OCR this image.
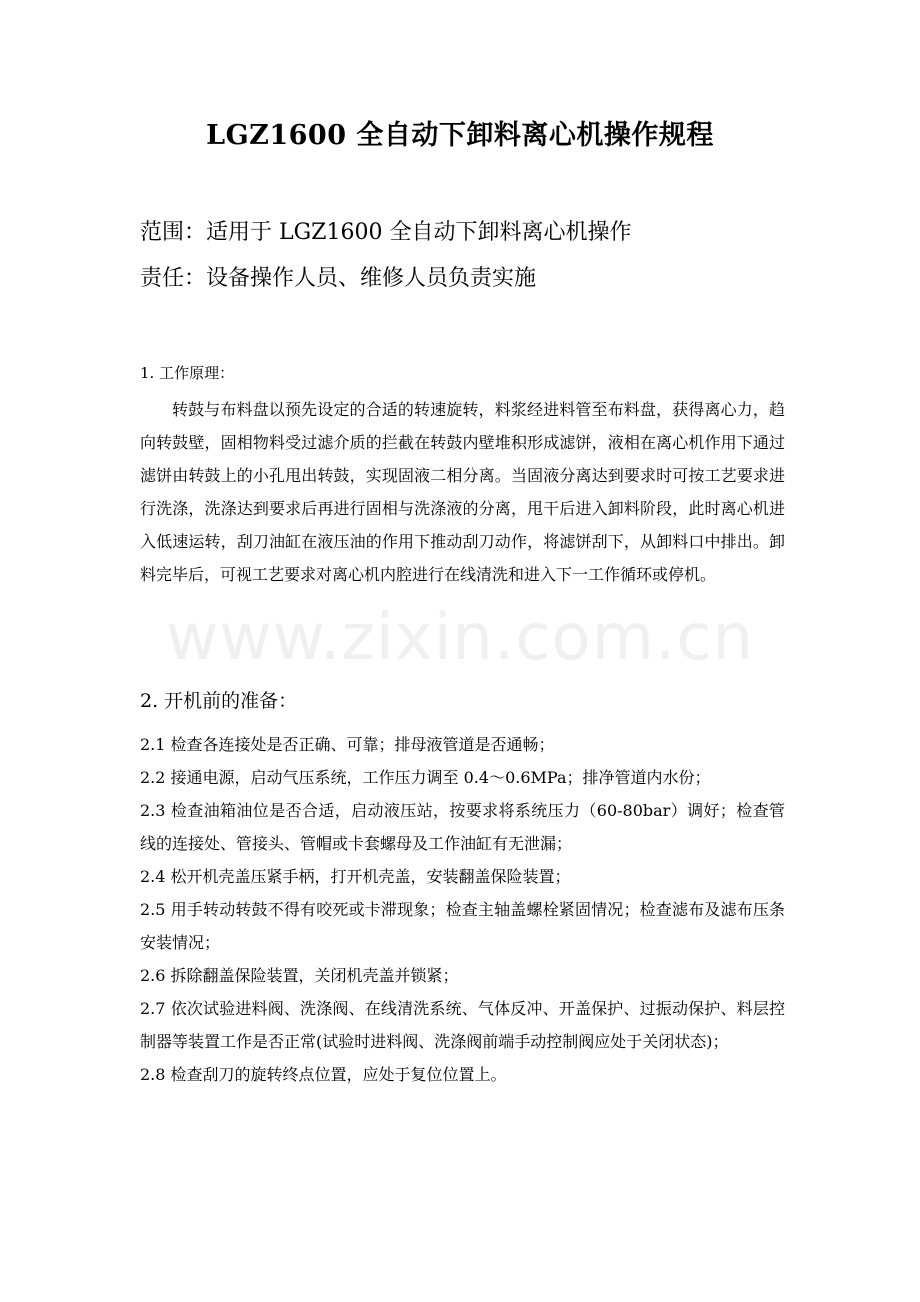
LGZ1600 全自动下卸料离心机操作规程
范围：适用于 LGZ1600 全自动下卸料离心机操作
责任：设备操作人员、维修人员负责实施
1. 工作原理：

转鼓与布料盘以预先设定的合适的转速旋转，料浆经进料管至布料盘，获得离心力，趋向转鼓壁，固相物料受过滤介质的拦截在转鼓内壁堆积形成滤饼，液相在离心机作用下通过滤饼由转鼓上的小孔甩出转鼓，实现固液二相分离。当固液分离达到要求时可按工艺要求进行洗涤，洗涤达到要求后再进行固相与洗涤液的分离，甩干后进入卸料阶段，此时离心机进入低速运转，刮刀油缸在液压油的作用下推动刮刀动作，将滤饼刮下，从卸料口中排出。卸料完毕后，可视工艺要求对离心机内腔进行在线清洗和进入下一工作循环或停机。

www.zixin.com.cn
2. 开机前的准备：
2.1 检查各连接处是否正确、可靠；排母液管道是否通畅；
2.2 接通电源，启动气压系统，工作压力调至 0.4～0.6MPa；排净管道内水份；
2.3 检查油箱油位是否合适，启动液压站，按要求将系统压力（60-80bar）调好；检查管线的连接处、管接头、管帽或卡套螺母及工作油缸有无泄漏；
2.4 松开机壳盖压紧手柄，打开机壳盖，安装翻盖保险装置；
2.5 用手转动转鼓不得有咬死或卡滞现象；检查主轴盖螺栓紧固情况；检查滤布及滤布压条安装情况；
2.6 拆除翻盖保险装置，关闭机壳盖并锁紧；
2.7 依次试验进料阀、洗涤阀、在线清洗系统、气体反冲、开盖保护、过振动保护、料层控制器等装置工作是否正常(试验时进料阀、洗涤阀前端手动控制阀应处于关闭状态)；
2.8 检查刮刀的旋转终点位置，应处于复位位置上。
